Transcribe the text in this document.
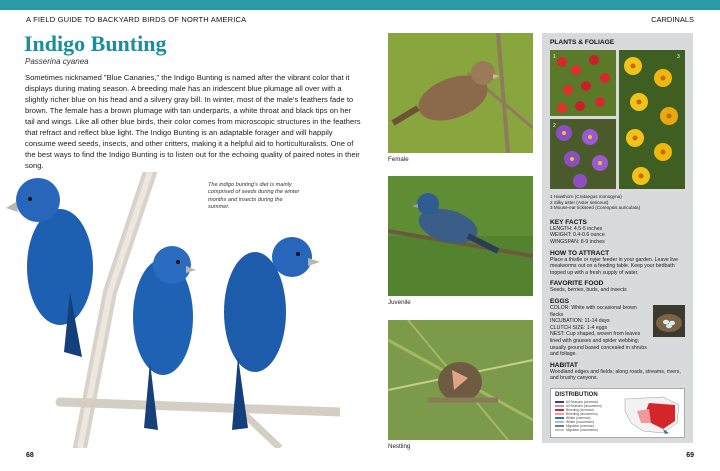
A FIELD GUIDE TO BACKYARD BIRDS OF NORTH AMERICA	CARDINALS
Indigo Bunting
Passerina cyanea
Sometimes nicknamed "Blue Canaries," the Indigo Bunting is named after the vibrant color that it displays during mating season. A breeding male has an iridescent blue plumage all over with a slightly richer blue on his head and a silvery gray bill. In winter, most of the male's feathers fade to brown. The female has a brown plumage with tan underparts, a white throat and black tips on her tail and wings. Like all other blue birds, their color comes from microscopic structures in the feathers that refract and reflect blue light. The Indigo Bunting is an adaptable forager and will happily consume weed seeds, insects, and other critters, making it a helpful aid to horticulturalists. One of the best ways to find the Indigo Bunting is to listen out for the echoing quality of paired notes in their song.
The indigo bunting's diet is mainly comprised of seeds during the winter months and insects during the summer.
Female
Juvenile
Nestling
PLANTS & FOLIAGE
1
2
3
1 Hawthorn (Crataegus monogyna)
2 Silky aster (Aster sericeus)
3 Mouse-ear tickseed (Coreopsis auriculata)
KEY FACTS
LENGTH: 4.5-5 inches
WEIGHT: 0.4-0.6 ounce
WINGSPAN: 8-9 inches
HOW TO ATTRACT
Place a thistle or nyjer feeder in your garden. Leave live mealworms out on a feeding table. Keep your birdbath topped up with a fresh supply of water.
FAVORITE FOOD
Seeds, berries, buds, and insects
EGGS
COLOR: White with occasional brown flecks
INCUBATION: 11-14 days
CLUTCH SIZE: 1-4 eggs
NEST: Cup shaped, woven from leaves lined with grasses and spider webbing; usually ground based concealed in shrubs and foliage.
HABITAT
Woodland edges and fields; along roads, streams, rivers, and brushy canyons.
DISTRIBUTION
All Seasons (common)
All Seasons (uncommon)
Breeding (common)
Breeding (uncommon)
Winter (common)
Winter (uncommon)
Migration (common)
Migration (uncommon)
68	69
